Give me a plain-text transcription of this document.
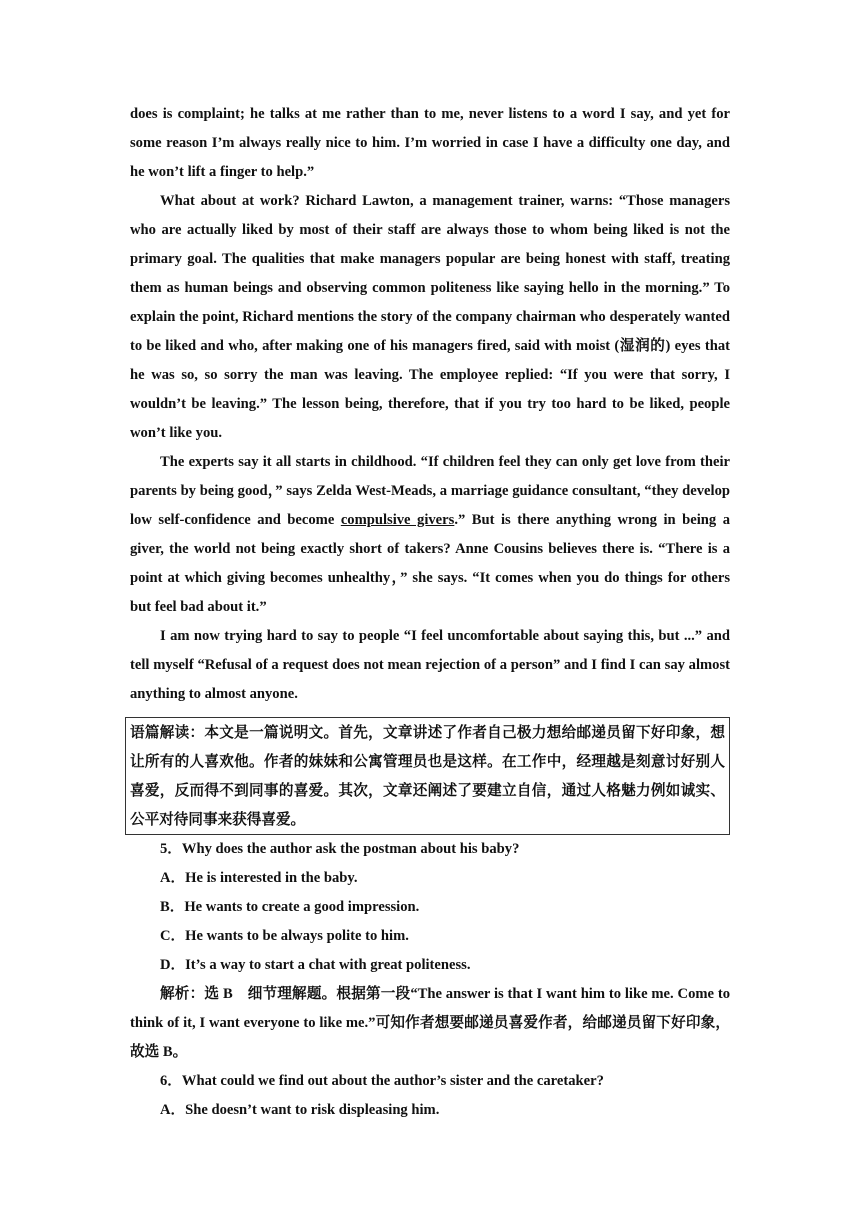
does is complaint; he talks at me rather than to me, never listens to a word I say, and yet for some reason I’m always really nice to him. I’m worried in case I have a difficulty one day, and he won’t lift a finger to help.”

What about at work? Richard Lawton, a management trainer, warns: “Those managers who are actually liked by most of their staff are always those to whom being liked is not the primary goal. The qualities that make managers popular are being honest with staff, treating them as human beings and observing common politeness like saying hello in the morning.” To explain the point, Richard mentions the story of the company chairman who desperately wanted to be liked and who, after making one of his managers fired, said with moist (湿润的) eyes that he was so, so sorry the man was leaving. The employee replied: “If you were that sorry, I wouldn’t be leaving.” The lesson being, therefore, that if you try too hard to be liked, people won’t like you.

The experts say it all starts in childhood. “If children feel they can only get love from their parents by being good，” says Zelda West-Meads, a marriage guidance consultant, “they develop low self-confidence and become compulsive givers.” But is there anything wrong in being a giver, the world not being exactly short of takers? Anne Cousins believes there is. “There is a point at which giving becomes unhealthy，” she says. “It comes when you do things for others but feel bad about it.”

I am now trying hard to say to people “I feel uncomfortable about saying this, but ...” and tell myself “Refusal of a request does not mean rejection of a person” and I find I can say almost anything to almost anyone.

语篇解读：本文是一篇说明文。首先，文章讲述了作者自己极力想给邮递员留下好印象，想让所有的人喜欢他。作者的妹妹和公寓管理员也是这样。在工作中，经理越是刻意讨好别人喜爱，反而得不到同事的喜爱。其次，文章还阐述了要建立自信，通过人格魅力例如诚实、公平对待同事来获得喜爱。

5．Why does the author ask the postman about his baby?

A．He is interested in the baby.

B．He wants to create a good impression.

C．He wants to be always polite to him.

D．It’s a way to start a chat with great politeness.

解析：选 B　细节理解题。根据第一段“The answer is that I want him to like me. Come to think of it, I want everyone to like me.”可知作者想要邮递员喜爱作者，给邮递员留下好印象，故选 B。

6．What could we find out about the author’s sister and the caretaker?

A．She doesn’t want to risk displeasing him.
